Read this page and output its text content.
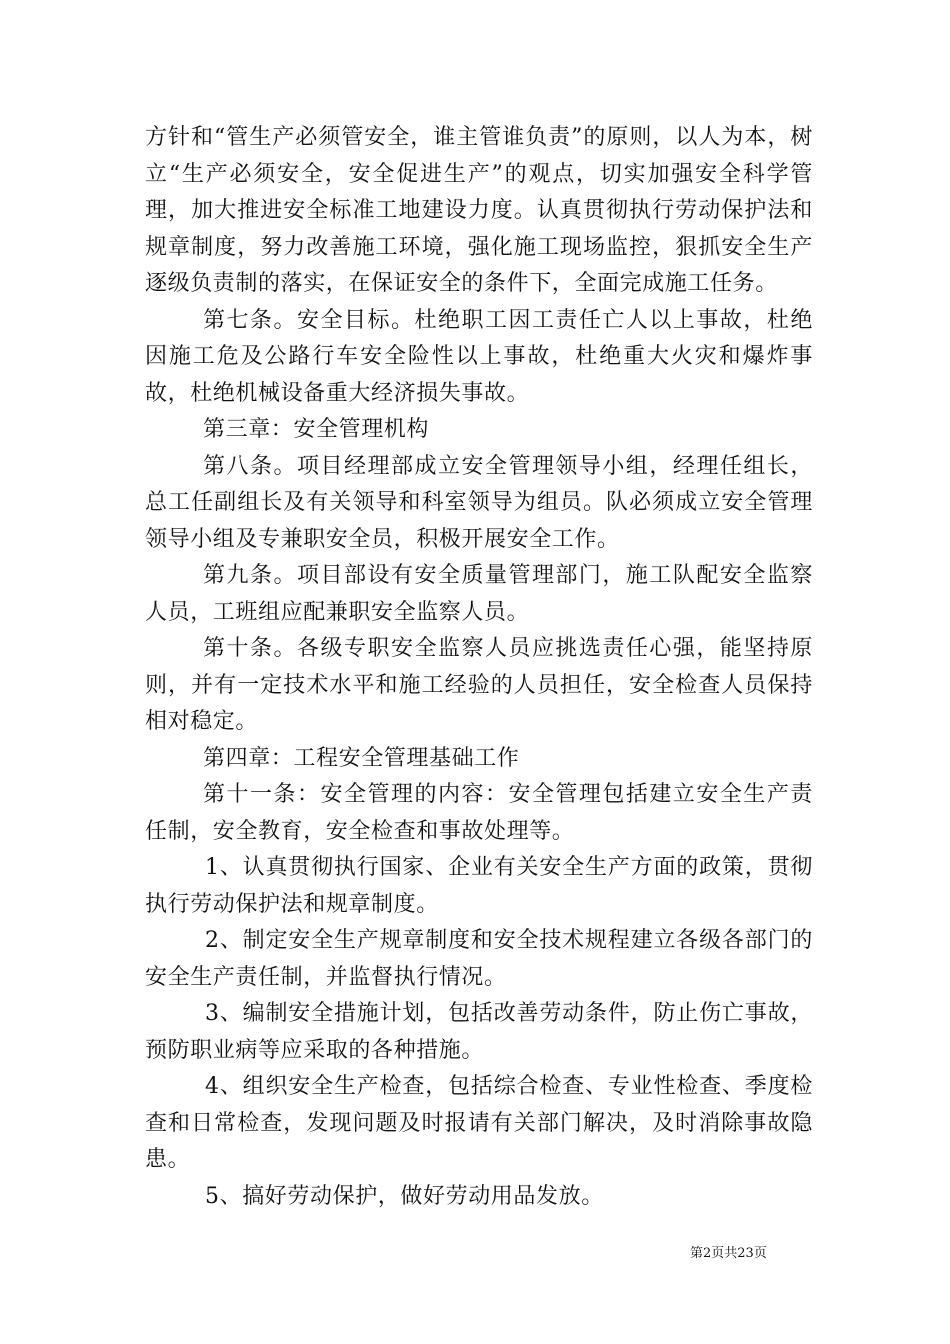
方针和“管生产必须管安全，谁主管谁负责”的原则，以人为本，树立“生产必须安全，安全促进生产”的观点，切实加强安全科学管理，加大推进安全标准工地建设力度。认真贯彻执行劳动保护法和规章制度，努力改善施工环境，强化施工现场监控，狠抓安全生产逐级负责制的落实，在保证安全的条件下，全面完成施工任务。

第七条。安全目标。杜绝职工因工责任亡人以上事故，杜绝因施工危及公路行车安全险性以上事故，杜绝重大火灾和爆炸事故，杜绝机械设备重大经济损失事故。

第三章：安全管理机构

第八条。项目经理部成立安全管理领导小组，经理任组长，总工任副组长及有关领导和科室领导为组员。队必须成立安全管理领导小组及专兼职安全员，积极开展安全工作。

第九条。项目部设有安全质量管理部门，施工队配安全监察人员，工班组应配兼职安全监察人员。

第十条。各级专职安全监察人员应挑选责任心强，能坚持原则，并有一定技术水平和施工经验的人员担任，安全检查人员保持相对稳定。

第四章：工程安全管理基础工作

第十一条：安全管理的内容：安全管理包括建立安全生产责任制，安全教育，安全检查和事故处理等。

1、认真贯彻执行国家、企业有关安全生产方面的政策，贯彻执行劳动保护法和规章制度。

2、制定安全生产规章制度和安全技术规程建立各级各部门的安全生产责任制，并监督执行情况。

3、编制安全措施计划，包括改善劳动条件，防止伤亡事故，预防职业病等应采取的各种措施。

4、组织安全生产检查，包括综合检查、专业性检查、季度检查和日常检查，发现问题及时报请有关部门解决，及时消除事故隐患。

5、搞好劳动保护，做好劳动用品发放。

第2页共23页
